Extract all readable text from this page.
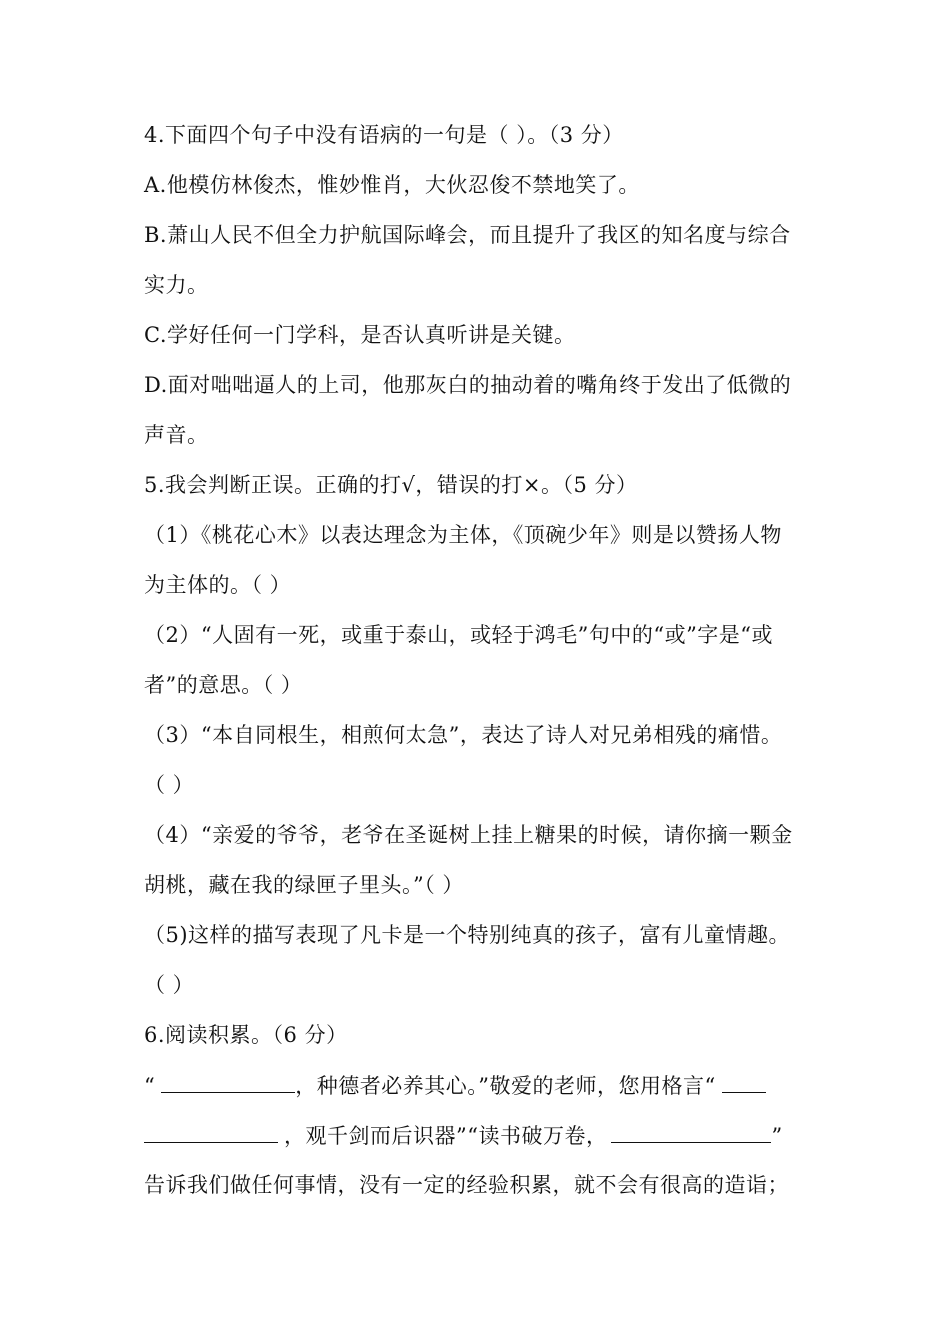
4.下面四个句子中没有语病的一句是（ ）。（3 分）
A.他模仿林俊杰，惟妙惟肖，大伙忍俊不禁地笑了。
B.萧山人民不但全力护航国际峰会，而且提升了我区的知名度与综合
实力。
C.学好任何一门学科，是否认真听讲是关键。
D.面对咄咄逼人的上司，他那灰白的抽动着的嘴角终于发出了低微的
声音。
5.我会判断正误。正确的打√，错误的打×。（5 分）
（1）《桃花心木》以表达理念为主体，《顶碗少年》则是以赞扬人物
为主体的。（ ）
（2）“人固有一死，或重于泰山，或轻于鸿毛”句中的“或”字是“或
者”的意思。（ ）
（3）“本自同根生，相煎何太急”，表达了诗人对兄弟相残的痛惜。
（ ）
（4）“亲爱的爷爷，老爷在圣诞树上挂上糖果的时候，请你摘一颗金
胡桃，藏在我的绿匣子里头。”（ ）
（5)这样的描写表现了凡卡是一个特别纯真的孩子，富有儿童情趣。
（ ）
6.阅读积累。（6 分）
“	，种德者必养其心。”敬爱的老师，您用格言“
，观千剑而后识器”“读书破万卷，	”
告诉我们做任何事情，没有一定的经验积累，就不会有很高的造诣；
